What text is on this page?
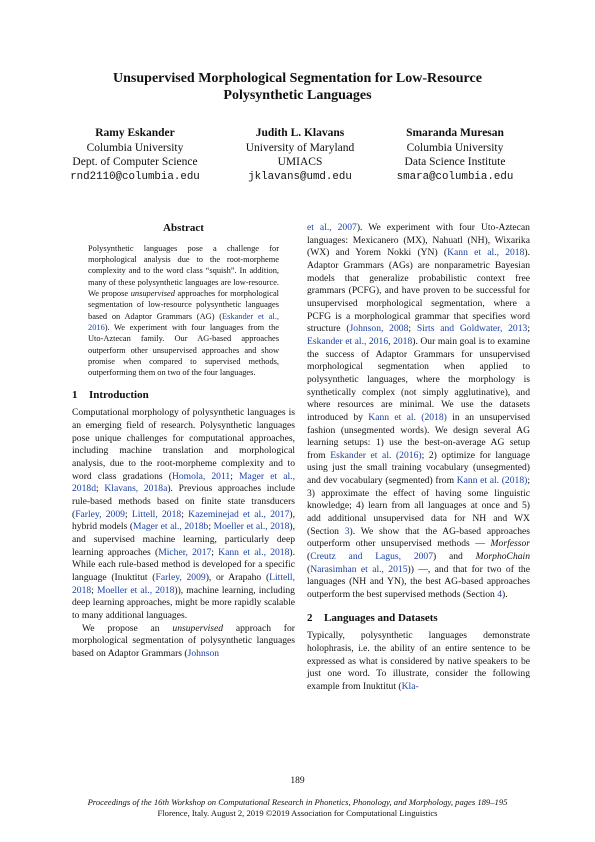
Unsupervised Morphological Segmentation for Low-Resource
Polysynthetic Languages
Ramy Eskander
Columbia University
Dept. of Computer Science
rnd2110@columbia.edu
Judith L. Klavans
University of Maryland
UMIACS
jklavans@umd.edu
Smaranda Muresan
Columbia University
Data Science Institute
smara@columbia.edu
Abstract

Polysynthetic languages pose a challenge for morphological analysis due to the root-morpheme complexity and to the word class “squish”. In addition, many of these polysynthetic languages are low-resource. We propose unsupervised approaches for morphological segmentation of low-resource polysynthetic languages based on Adaptor Grammars (AG) (Eskander et al., 2016). We experiment with four languages from the Uto-Aztecan family. Our AG-based approaches outperform other unsupervised approaches and show promise when compared to supervised methods, outperforming them on two of the four languages.

1 Introduction

Computational morphology of polysynthetic languages is an emerging field of research. Polysynthetic languages pose unique challenges for computational approaches, including machine translation and morphological analysis, due to the root-morpheme complexity and to word class gradations (Homola, 2011; Mager et al., 2018d; Klavans, 2018a). Previous approaches include rule-based methods based on finite state transducers (Farley, 2009; Littell, 2018; Kazeminejad et al., 2017), hybrid models (Mager et al., 2018b; Moeller et al., 2018), and supervised machine learning, particularly deep learning approaches (Micher, 2017; Kann et al., 2018). While each rule-based method is developed for a specific language (Inuktitut (Farley, 2009), or Arapaho (Littell, 2018; Moeller et al., 2018)), machine learning, including deep learning approaches, might be more rapidly scalable to many additional languages.

We propose an unsupervised approach for morphological segmentation of polysynthetic languages based on Adaptor Grammars (Johnson

et al., 2007). We experiment with four Uto-Aztecan languages: Mexicanero (MX), Nahuatl (NH), Wixarika (WX) and Yorem Nokki (YN) (Kann et al., 2018). Adaptor Grammars (AGs) are nonparametric Bayesian models that generalize probabilistic context free grammars (PCFG), and have proven to be successful for unsupervised morphological segmentation, where a PCFG is a morphological grammar that specifies word structure (Johnson, 2008; Sirts and Goldwater, 2013; Eskander et al., 2016, 2018). Our main goal is to examine the success of Adaptor Grammars for unsupervised morphological segmentation when applied to polysynthetic languages, where the morphology is synthetically complex (not simply agglutinative), and where resources are minimal. We use the datasets introduced by Kann et al. (2018) in an unsupervised fashion (unsegmented words). We design several AG learning setups: 1) use the best-on-average AG setup from Eskander et al. (2016); 2) optimize for language using just the small training vocabulary (unsegmented) and dev vocabulary (segmented) from Kann et al. (2018); 3) approximate the effect of having some linguistic knowledge; 4) learn from all languages at once and 5) add additional unsupervised data for NH and WX (Section 3). We show that the AG-based approaches outperform other unsupervised methods — Morfessor (Creutz and Lagus, 2007) and MorphoChain (Narasimhan et al., 2015)) —, and that for two of the languages (NH and YN), the best AG-based approaches outperform the best supervised methods (Section 4).

2 Languages and Datasets

Typically, polysynthetic languages demonstrate holophrasis, i.e. the ability of an entire sentence to be expressed as what is considered by native speakers to be just one word. To illustrate, consider the following example from Inuktitut (Kla-

189
Proceedings of the 16th Workshop on Computational Research in Phonetics, Phonology, and Morphology, pages 189–195
Florence, Italy. August 2, 2019 ©2019 Association for Computational Linguistics
